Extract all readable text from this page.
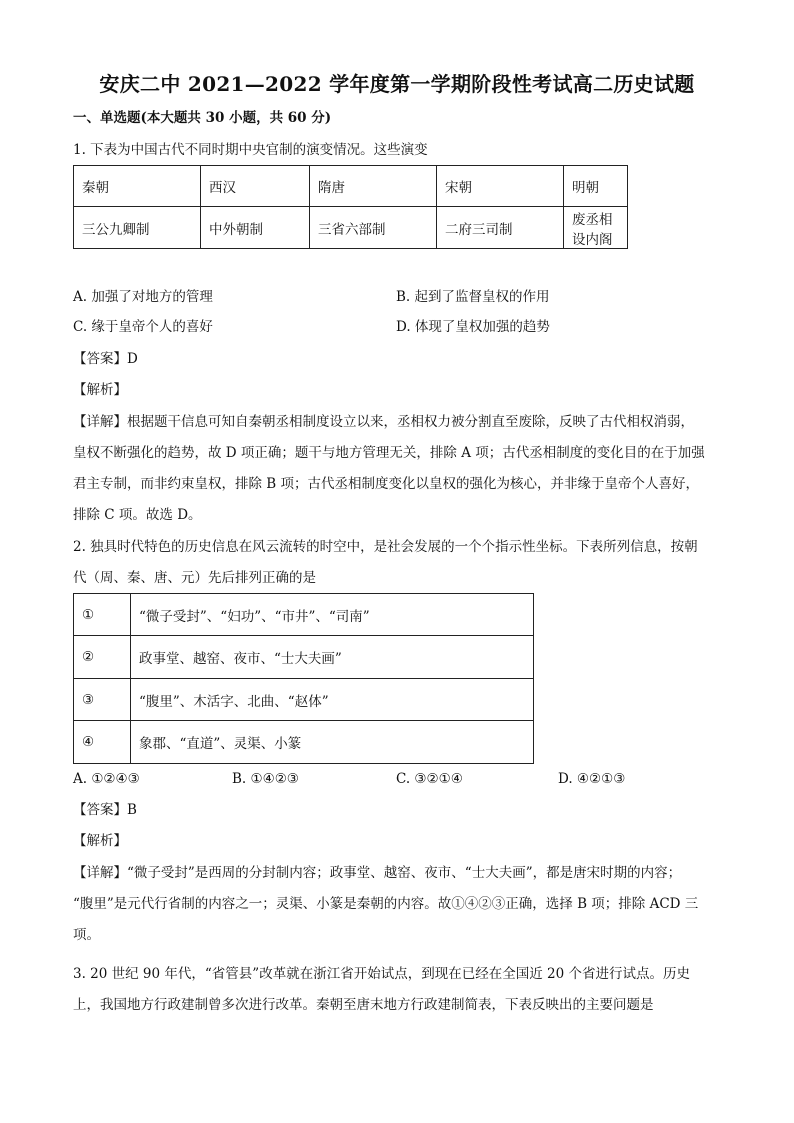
安庆二中 2021—2022 学年度第一学期阶段性考试高二历史试题
一、单选题(本大题共 30 小题，共 60 分)
1. 下表为中国古代不同时期中央官制的演变情况。这些演变
秦朝	西汉	隋唐	宋朝	明朝
三公九卿制	中外朝制	三省六部制	二府三司制	废丞相设内阁
A. 加强了对地方的管理	B. 起到了监督皇权的作用
C. 缘于皇帝个人的喜好	D. 体现了皇权加强的趋势
【答案】D
【解析】
【详解】根据题干信息可知自秦朝丞相制度设立以来，丞相权力被分割直至废除，反映了古代相权消弱，
皇权不断强化的趋势，故 D 项正确；题干与地方管理无关，排除 A 项；古代丞相制度的变化目的在于加强
君主专制，而非约束皇权，排除 B 项；古代丞相制度变化以皇权的强化为核心，并非缘于皇帝个人喜好，
排除 C 项。故选 D。
2. 独具时代特色的历史信息在风云流转的时空中，是社会发展的一个个指示性坐标。下表所列信息，按朝
代（周、秦、唐、元）先后排列正确的是
①	“微子受封”、“妇功”、“市井”、“司南”
②	政事堂、越窑、夜市、“士大夫画”
③	“腹里”、木活字、北曲、“赵体”
④	象郡、“直道”、灵渠、小篆
A. ①②④③	B. ①④②③	C. ③②①④	D. ④②①③
【答案】B
【解析】
【详解】“微子受封”是西周的分封制内容；政事堂、越窑、夜市、“士大夫画”，都是唐宋时期的内容；
“腹里”是元代行省制的内容之一；灵渠、小篆是秦朝的内容。故①④②③正确，选择 B 项；排除 ACD 三
项。
3. 20 世纪 90 年代，“省管县”改革就在浙江省开始试点，到现在已经在全国近 20 个省进行试点。历史
上，我国地方行政建制曾多次进行改革。秦朝至唐末地方行政建制简表，下表反映出的主要问题是
